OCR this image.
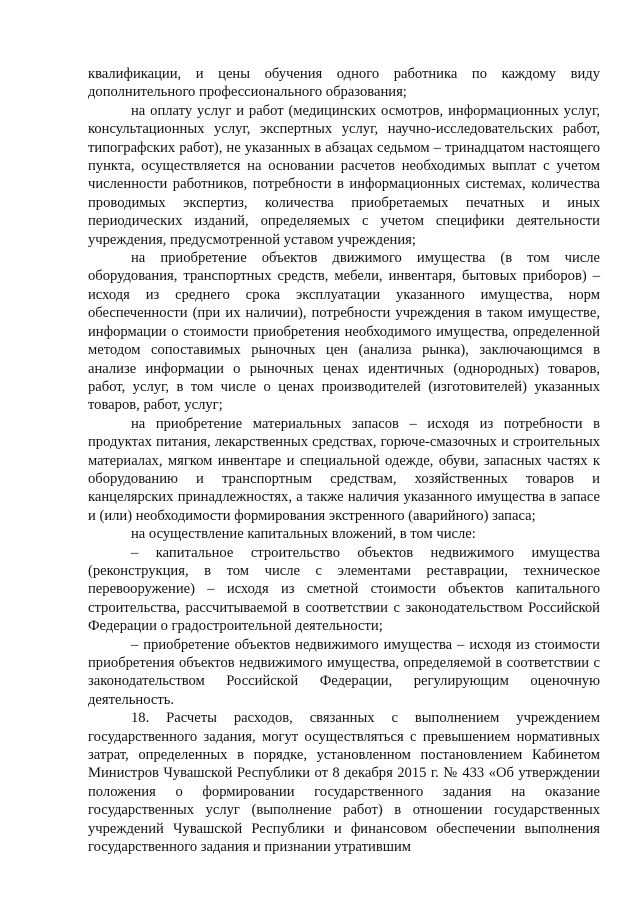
квалификации, и цены обучения одного работника по каждому виду дополнительного профессионального образования;

на оплату услуг и работ (медицинских осмотров, информационных услуг, консультационных услуг, экспертных услуг, научно-исследовательских работ, типографских работ), не указанных в абзацах седьмом – тринадцатом настоящего пункта, осуществляется на основании расчетов необходимых выплат с учетом численности работников, потребности в информационных системах, количества проводимых экспертиз, количества приобретаемых печатных и иных периодических изданий, определяемых с учетом специфики деятельности учреждения, предусмотренной уставом учреждения;

на приобретение объектов движимого имущества (в том числе оборудования, транспортных средств, мебели, инвентаря, бытовых приборов) – исходя из среднего срока эксплуатации указанного имущества, норм обеспеченности (при их наличии), потребности учреждения в таком имуществе, информации о стоимости приобретения необходимого имущества, определенной методом сопоставимых рыночных цен (анализа рынка), заключающимся в анализе информации о рыночных ценах идентичных (однородных) товаров, работ, услуг, в том числе о ценах производителей (изготовителей) указанных товаров, работ, услуг;

на приобретение материальных запасов – исходя из потребности в продуктах питания, лекарственных средствах, горюче-смазочных и строительных материалах, мягком инвентаре и специальной одежде, обуви, запасных частях к оборудованию и транспортным средствам, хозяйственных товаров и канцелярских принадлежностях, а также наличия указанного имущества в запасе и (или) необходимости формирования экстренного (аварийного) запаса;

на осуществление капитальных вложений, в том числе:

– капитальное строительство объектов недвижимого имущества (реконструкция, в том числе с элементами реставрации, техническое перевооружение) – исходя из сметной стоимости объектов капитального строительства, рассчитываемой в соответствии с законодательством Российской Федерации о градостроительной деятельности;

– приобретение объектов недвижимого имущества – исходя из стоимости приобретения объектов недвижимого имущества, определяемой в соответствии с законодательством Российской Федерации, регулирующим оценочную деятельность.

18. Расчеты расходов, связанных с выполнением учреждением государственного задания, могут осуществляться с превышением нормативных затрат, определенных в порядке, установленном постановлением Кабинетом Министров Чувашской Республики от 8 декабря 2015 г. № 433 «Об утверждении положения о формировании государственного задания на оказание государственных услуг (выполнение работ) в отношении государственных учреждений Чувашской Республики и финансовом обеспечении выполнения государственного задания и признании утратившим
